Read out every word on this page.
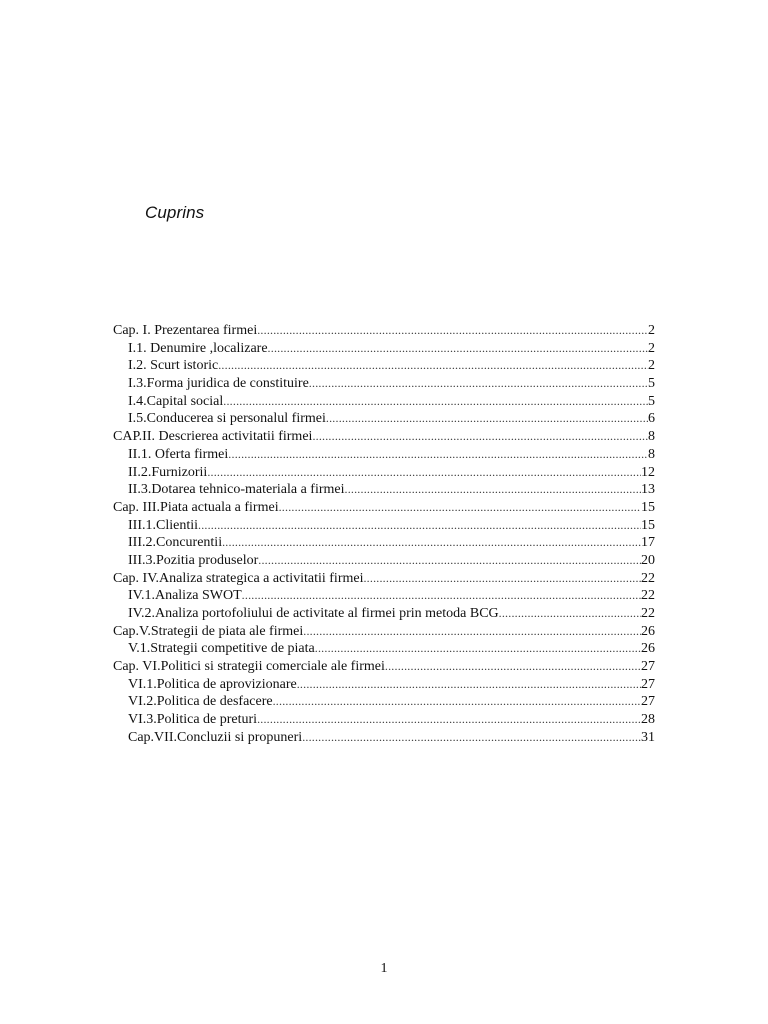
Cuprins
Cap. I. Prezentarea firmei .....	2
I.1. Denumire ,localizare .....	2
I.2. Scurt istoric .....	2
I.3.Forma juridica de constituire .....	5
I.4.Capital social .....	5
I.5.Conducerea si personalul firmei .....	6
CAP.II. Descrierea activitatii firmei .....	8
II.1. Oferta firmei .....	8
II.2.Furnizorii .....	12
II.3.Dotarea tehnico-materiala a firmei .....	13
Cap. III.Piata actuala a firmei .....	15
III.1.Clientii .....	15
III.2.Concurentii .....	17
III.3.Pozitia produselor .....	20
Cap. IV.Analiza strategica a activitatii firmei .....	22
IV.1.Analiza SWOT .....	22
IV.2.Analiza portofoliului de activitate al firmei prin metoda BCG .....	22
Cap.V.Strategii de piata ale firmei .....	26
V.1.Strategii competitive de piata .....	26
Cap. VI.Politici si strategii comerciale ale firmei .....	27
VI.1.Politica de aprovizionare .....	27
VI.2.Politica de desfacere .....	27
VI.3.Politica de preturi .....	28
Cap.VII.Concluzii si propuneri .....	31
1
